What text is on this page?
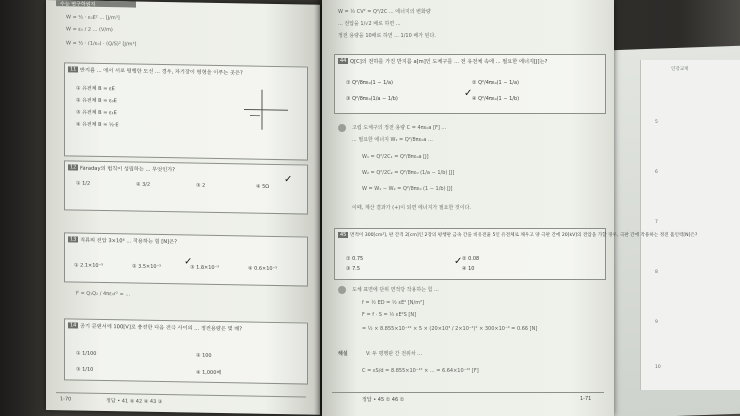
인강교재
5
6
7
8
9
10
수능 연구학원지
W = ½ · ε₀E² ... [J/m³]
W = ε₀ / 2 ... (V/m)
W = ½ · (1/ε₀) · (Q/S)² [J/m³]
11 반지름 ... 에서 서로 평행한 도선 ... 경우, 자기장이 평형을 이루는 곳은?
① 유전체 B = εE
② 유전체 B = ε₀E
③ 유전체 B = ε₁E
④ 유전체 B = ½·E
12 Faraday의 법칙이 성립하는 ... 무엇인가?
① 1/2	② 3/2	③ 2	④ 5Ω
✓
13 직류의 전압 3×10⁶ ... 작용하는 힘 [N]은?
① 2.1×10⁻⁵	② 3.5×10⁻⁵	③ 1.8×10⁻⁵	④ 0.6×10⁻⁵
✓
F = Q₁Q₂ / 4πε₀r² = ...
14 공기 콘덴서에 100[V]로 충전한 다음 전극 사이의 ... 정전용량은 몇 배?
① 1/100	② 100
③ 1/10	④ 1,000배
1-70	정답 • 41 ④ 42 ④ 43 ③
W = ½ CV² = Q²/2C ... 에너지의 변화량
... 전압을 1/√2 배로 하면 ...
정전 용량을 10배로 하면 ... 1/10 배가 된다.
44 Q[C]의 전하를 가진 반지름 a[m]인 도체구를 ... 전 유전체 속에 ... 필요한 에너지[J]는?
① Q²/8πε₀(1 − 1/a)	② Q²/4πε₀(1 − 1/a)
③ Q²/8πε₀(1/a − 1/b)	④ Q²/4πε₀(1 − 1/b)
✓
고립 도체구의 정전 용량 C = 4πε₀a [F] ...
... 필요한 에너지 W₁ = Q²/8πε₀a ...
W₁ = Q²/2C₁ = Q²/8πε₀a [J]
W₂ = Q²/2C₂ = Q²/8πε₀ (1/a − 1/b) [J]
W = W₁ − W₂ = Q²/8πε₀ (1 − 1/b) [J]
이때, 계산 결과가 (+)이 되면 에너지가 필요한 것이다.
45 면적이 300[cm²], 판 간격 2[cm]인 2장의 평행판 금속 간을 비유전율 5인 유전체로 채우고 양 극판 간에 20[kV]의 전압을 가할 경우, 극판 간에 작용하는 정전 흡인력[N]은?
① 0.75	② 0.08
③ 7.5	④ 10
✓
도체 표면에 단위 면적당 작용하는 힘 ...
f = ½ ED = ½ εE² [N/m²]
F = f · S = ½ εE²S [N]
= ½ × 8.855×10⁻¹² × 5 × (20×10³ / 2×10⁻²)² × 300×10⁻⁴ = 0.66 [N]
해설	V: 두 평행판 간 전위차 ...
C = εS/d = 8.855×10⁻¹² × ... = 6.64×10⁻¹² [F]
정답 • 45 ① 46 ①	1-71
